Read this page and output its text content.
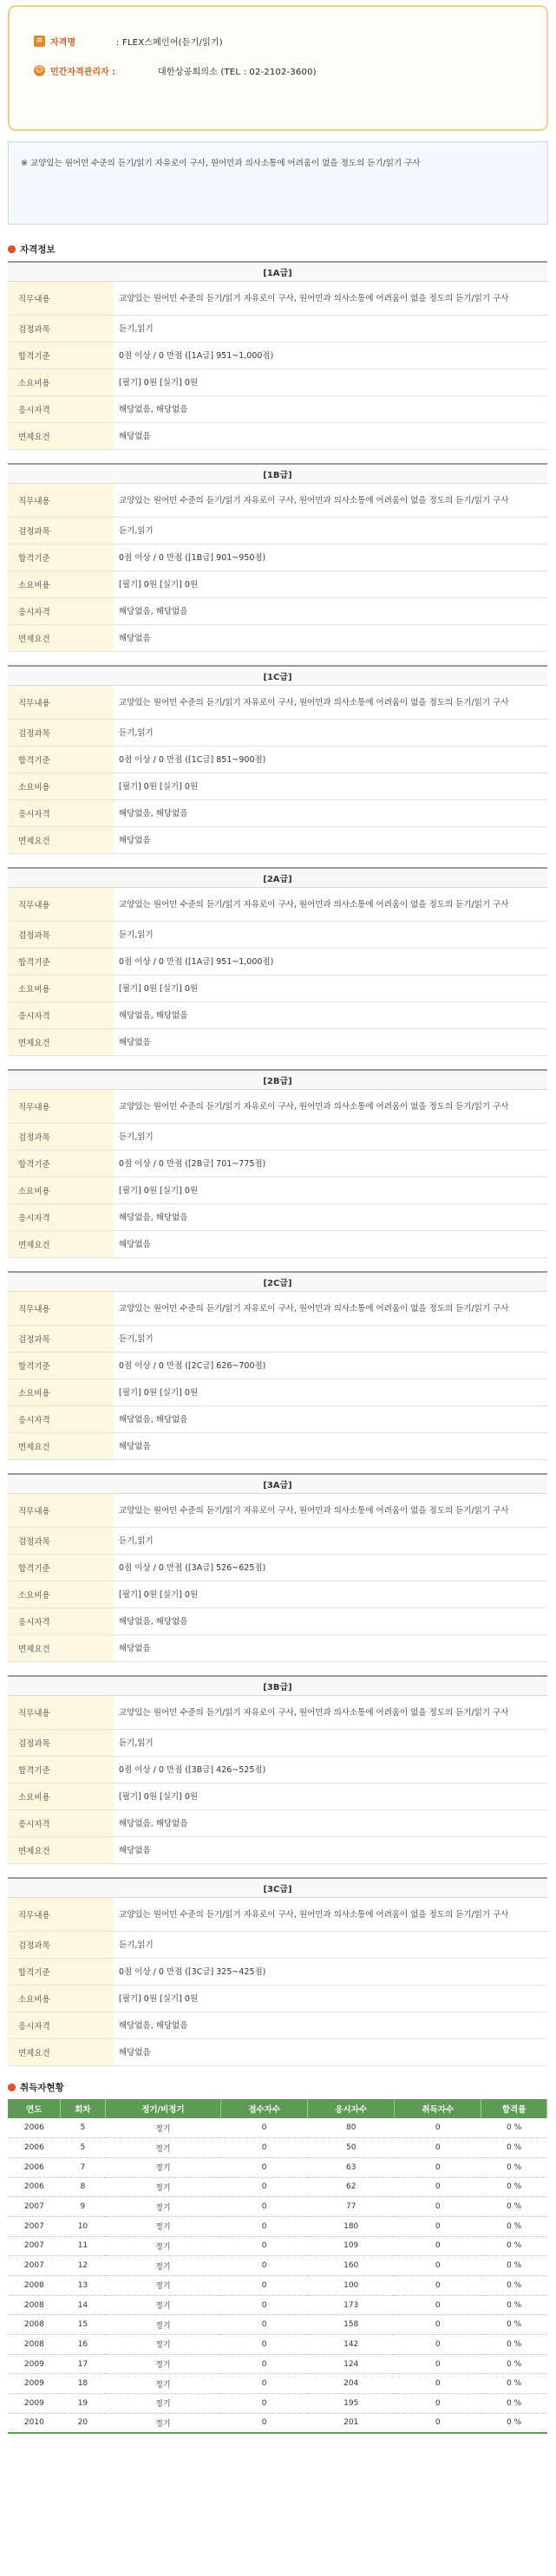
≡ 자격명	: FLEX스페인어(듣기/읽기)
☺ 민간자격관리자 :	대한상공회의소 (TEL : 02-2102-3600)

※ 교양있는 원어민 수준의 듣기/읽기 자유로이 구사, 원어민과 의사소통에 어려움이 없을 정도의 듣기/읽기 구사

자격정보
[1A급]
직무내용	교양있는 원어민 수준의 듣기/읽기 자유로이 구사, 원어민과 의사소통에 어려움이 없을 정도의 듣기/읽기 구사
검정과목	듣기,읽기
합격기준	0점 이상 / 0 만점 ([1A급] 951~1,000점)
소요비용	[필기] 0원 [실기] 0원
응시자격	해당없음, 해당없음
면제요건	해당없음
[1B급]
직무내용	교양있는 원어민 수준의 듣기/읽기 자유로이 구사, 원어민과 의사소통에 어려움이 없을 정도의 듣기/읽기 구사
검정과목	듣기,읽기
합격기준	0점 이상 / 0 만점 ([1B급] 901~950점)
소요비용	[필기] 0원 [실기] 0원
응시자격	해당없음, 해당없음
면제요건	해당없음
[1C급]
직무내용	교양있는 원어민 수준의 듣기/읽기 자유로이 구사, 원어민과 의사소통에 어려움이 없을 정도의 듣기/읽기 구사
검정과목	듣기,읽기
합격기준	0점 이상 / 0 만점 ([1C급] 851~900점)
소요비용	[필기] 0원 [실기] 0원
응시자격	해당없음, 해당없음
면제요건	해당없음
[2A급]
직무내용	교양있는 원어민 수준의 듣기/읽기 자유로이 구사, 원어민과 의사소통에 어려움이 없을 정도의 듣기/읽기 구사
검정과목	듣기,읽기
합격기준	0점 이상 / 0 만점 ([1A급] 951~1,000점)
소요비용	[필기] 0원 [실기] 0원
응시자격	해당없음, 해당없음
면제요건	해당없음
[2B급]
직무내용	교양있는 원어민 수준의 듣기/읽기 자유로이 구사, 원어민과 의사소통에 어려움이 없을 정도의 듣기/읽기 구사
검정과목	듣기,읽기
합격기준	0점 이상 / 0 만점 ([2B급] 701~775점)
소요비용	[필기] 0원 [실기] 0원
응시자격	해당없음, 해당없음
면제요건	해당없음
[2C급]
직무내용	교양있는 원어민 수준의 듣기/읽기 자유로이 구사, 원어민과 의사소통에 어려움이 없을 정도의 듣기/읽기 구사
검정과목	듣기,읽기
합격기준	0점 이상 / 0 만점 ([2C급] 626~700점)
소요비용	[필기] 0원 [실기] 0원
응시자격	해당없음, 해당없음
면제요건	해당없음
[3A급]
직무내용	교양있는 원어민 수준의 듣기/읽기 자유로이 구사, 원어민과 의사소통에 어려움이 없을 정도의 듣기/읽기 구사
검정과목	듣기,읽기
합격기준	0점 이상 / 0 만점 ([3A급] 526~625점)
소요비용	[필기] 0원 [실기] 0원
응시자격	해당없음, 해당없음
면제요건	해당없음
[3B급]
직무내용	교양있는 원어민 수준의 듣기/읽기 자유로이 구사, 원어민과 의사소통에 어려움이 없을 정도의 듣기/읽기 구사
검정과목	듣기,읽기
합격기준	0점 이상 / 0 만점 ([3B급] 426~525점)
소요비용	[필기] 0원 [실기] 0원
응시자격	해당없음, 해당없음
면제요건	해당없음
[3C급]
직무내용	교양있는 원어민 수준의 듣기/읽기 자유로이 구사, 원어민과 의사소통에 어려움이 없을 정도의 듣기/읽기 구사
검정과목	듣기,읽기
합격기준	0점 이상 / 0 만점 ([3C급] 325~425점)
소요비용	[필기] 0원 [실기] 0원
응시자격	해당없음, 해당없음
면제요건	해당없음
취득자현황
연도	회차	정기/비정기	접수자수	응시자수	취득자수	합격률
2006	5	정기	0	80	0	0 %
2006	5	정기	0	50	0	0 %
2006	7	정기	0	63	0	0 %
2006	8	정기	0	62	0	0 %
2007	9	정기	0	77	0	0 %
2007	10	정기	0	180	0	0 %
2007	11	정기	0	109	0	0 %
2007	12	정기	0	160	0	0 %
2008	13	정기	0	100	0	0 %
2008	14	정기	0	173	0	0 %
2008	15	정기	0	158	0	0 %
2008	16	정기	0	142	0	0 %
2009	17	정기	0	124	0	0 %
2009	18	정기	0	204	0	0 %
2009	19	정기	0	195	0	0 %
2010	20	정기	0	201	0	0 %
